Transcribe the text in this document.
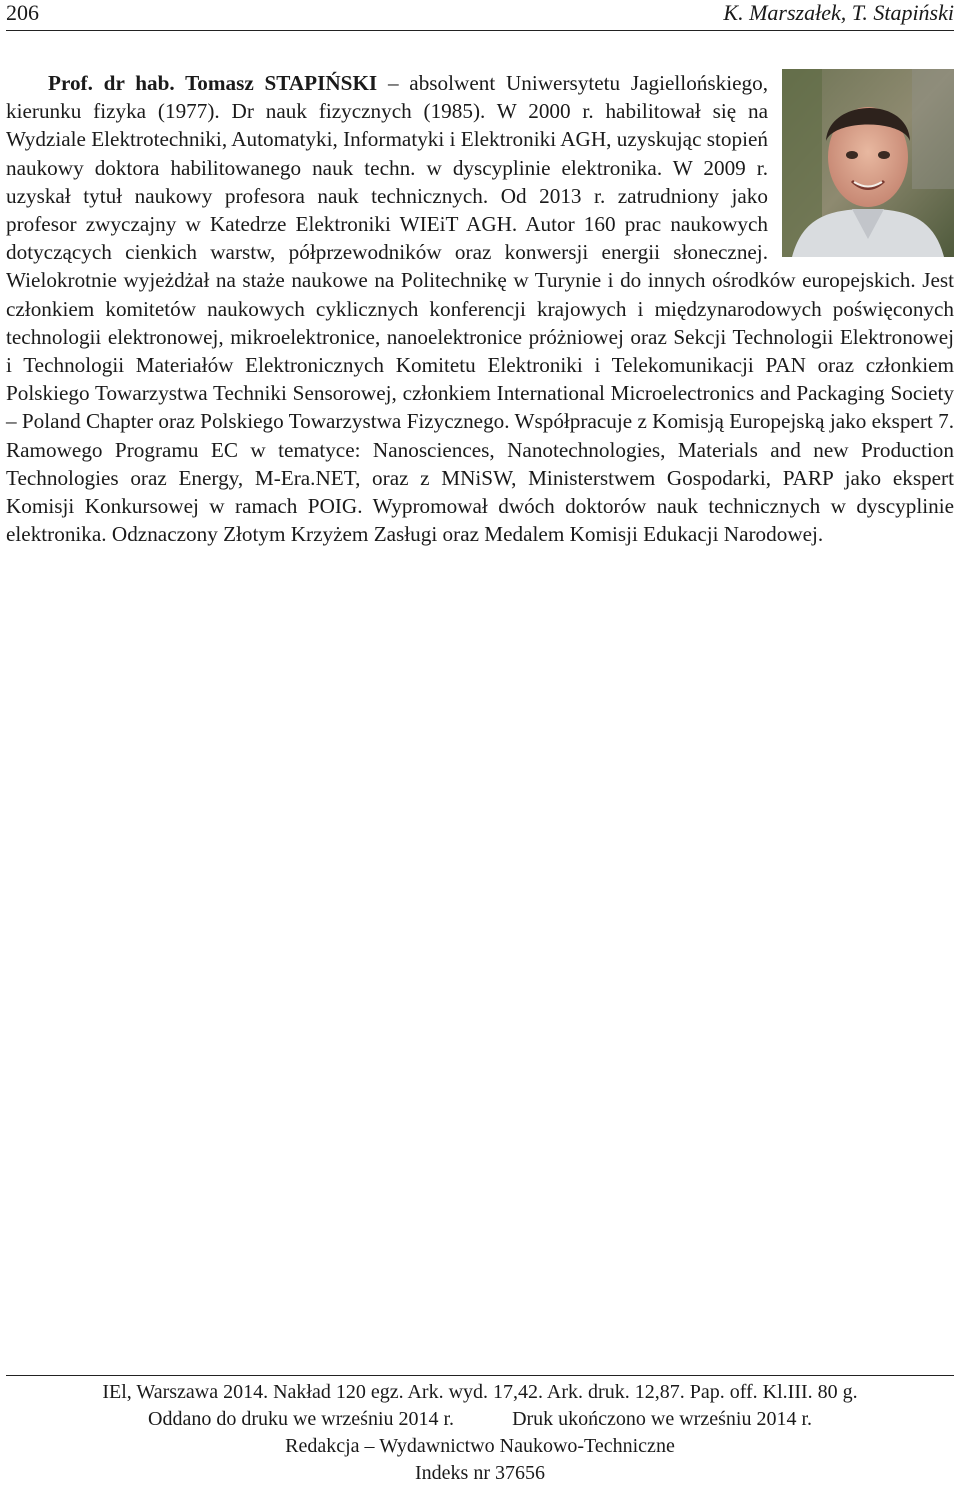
206	K. Marszałek, T. Stapiński

Prof. dr hab. Tomasz STAPIŃSKI – absolwent Uniwersytetu Jagiellońskiego, kierunku fizyka (1977). Dr nauk fizycznych (1985). W 2000 r. habilitował się na Wydziale Elektrotechniki, Automatyki, Informatyki i Elektroniki AGH, uzyskując stopień naukowy doktora habilitowanego nauk techn. w dyscyplinie elektronika. W 2009 r. uzyskał tytuł naukowy profesora nauk technicznych. Od 2013 r. zatrudniony jako profesor zwyczajny w Katedrze Elektroniki WIEiT AGH. Autor 160 prac naukowych dotyczących cienkich warstw, półprzewodników oraz konwersji energii słonecznej. Wielokrotnie wyjeżdżał na staże naukowe na Politechnikę w Turynie i do innych ośrodków europejskich. Jest członkiem komitetów naukowych cyklicznych konferencji krajowych i międzynarodowych poświęconych technologii elektronowej, mikroelektronice, nanoelektronice próżniowej oraz Sekcji Technologii Elektronowej i Technologii Materiałów Elektronicznych Komitetu Elektroniki i Telekomunikacji PAN oraz członkiem Polskiego Towarzystwa Techniki Sensorowej, członkiem International Microelectronics and Packaging Society – Poland Chapter oraz Polskiego Towarzystwa Fizycznego. Współpracuje z Komisją Europejską jako ekspert 7. Ramowego Programu EC w tematyce: Nanosciences, Nanotechnologies, Materials and new Production Technologies oraz Energy, M-Era.NET, oraz z MNiSW, Ministerstwem Gospodarki, PARP jako ekspert Komisji Konkursowej w ramach POIG. Wypromował dwóch doktorów nauk technicznych w dyscyplinie elektronika. Odznaczony Złotym Krzyżem Zasługi oraz Medalem Komisji Edukacji Narodowej.

IEl, Warszawa 2014. Nakład 120 egz. Ark. wyd. 17,42. Ark. druk. 12,87. Pap. off. Kl.III. 80 g.
Oddano do druku we wrześniu 2014 r.	Druk ukończono we wrześniu 2014 r.
Redakcja – Wydawnictwo Naukowo-Techniczne
Indeks nr 37656
